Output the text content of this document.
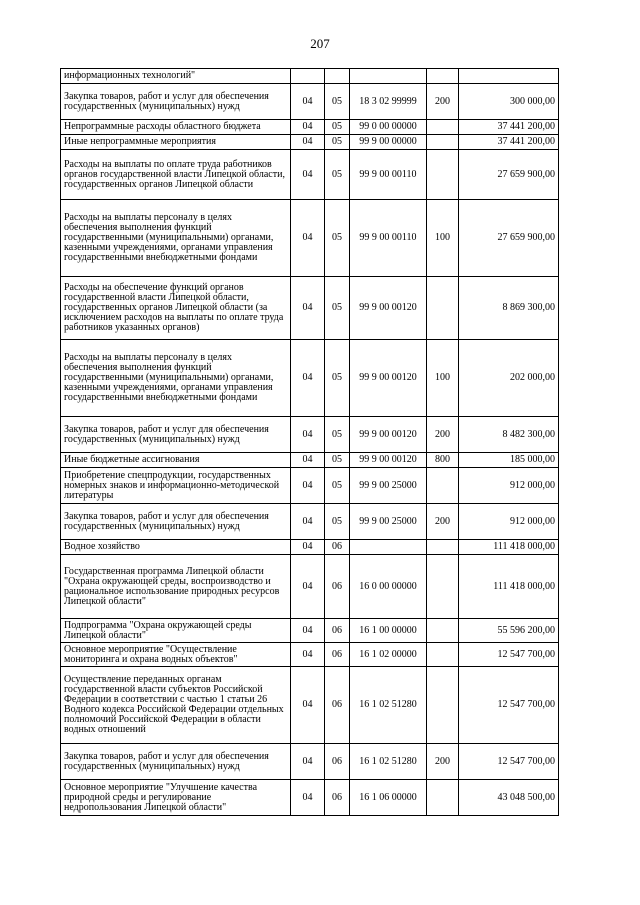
207
информационных технологий"					
Закупка товаров, работ и услуг для обеспечения государственных (муниципальных) нужд	04	05	18 3 02 99999	200	300 000,00
Непрограммные расходы областного бюджета	04	05	99 0 00 00000		37 441 200,00
Иные непрограммные мероприятия	04	05	99 9 00 00000		37 441 200,00
Расходы на выплаты по оплате труда работников органов государственной власти Липецкой области, государственных органов Липецкой области	04	05	99 9 00 00110		27 659 900,00
Расходы на выплаты персоналу в целях обеспечения выполнения функций государственными (муниципальными) органами, казенными учреждениями, органами управления государственными внебюджетными фондами	04	05	99 9 00 00110	100	27 659 900,00
Расходы на обеспечение функций органов государственной власти Липецкой области, государственных органов Липецкой области (за исключением расходов на выплаты по оплате труда работников указанных органов)	04	05	99 9 00 00120		8 869 300,00
Расходы на выплаты персоналу в целях обеспечения выполнения функций государственными (муниципальными) органами, казенными учреждениями, органами управления государственными внебюджетными фондами	04	05	99 9 00 00120	100	202 000,00
Закупка товаров, работ и услуг для обеспечения государственных (муниципальных) нужд	04	05	99 9 00 00120	200	8 482 300,00
Иные бюджетные ассигнования	04	05	99 9 00 00120	800	185 000,00
Приобретение спецпродукции, государственных номерных знаков и информационно-методической литературы	04	05	99 9 00 25000		912 000,00
Закупка товаров, работ и услуг для обеспечения государственных (муниципальных) нужд	04	05	99 9 00 25000	200	912 000,00
Водное хозяйство	04	06			111 418 000,00
Государственная программа Липецкой области "Охрана окружающей среды, воспроизводство и рациональное использование природных ресурсов Липецкой области"	04	06	16 0 00 00000		111 418 000,00
Подпрограмма "Охрана окружающей среды Липецкой области"	04	06	16 1 00 00000		55 596 200,00
Основное мероприятие "Осуществление мониторинга и охрана водных объектов"	04	06	16 1 02 00000		12 547 700,00
Осуществление переданных органам государственной власти субъектов Российской Федерации в соответствии с частью 1 статьи 26 Водного кодекса Российской Федерации отдельных полномочий Российской Федерации в области водных отношений	04	06	16 1 02 51280		12 547 700,00
Закупка товаров, работ и услуг для обеспечения государственных (муниципальных) нужд	04	06	16 1 02 51280	200	12 547 700,00
Основное мероприятие "Улучшение качества природной среды и регулирование недропользования Липецкой области"	04	06	16 1 06 00000		43 048 500,00
